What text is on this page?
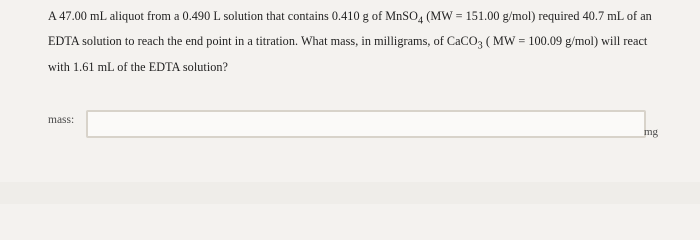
A 47.00 mL aliquot from a 0.490 L solution that contains 0.410 g of MnSO$_4$ (MW = 151.00 g/mol) required 40.7 mL of an
EDTA solution to reach the end point in a titration. What mass, in milligrams, of CaCO$_3$ ( MW = 100.09 g/mol) will react
with 1.61 mL of the EDTA solution?
mass:
mg
